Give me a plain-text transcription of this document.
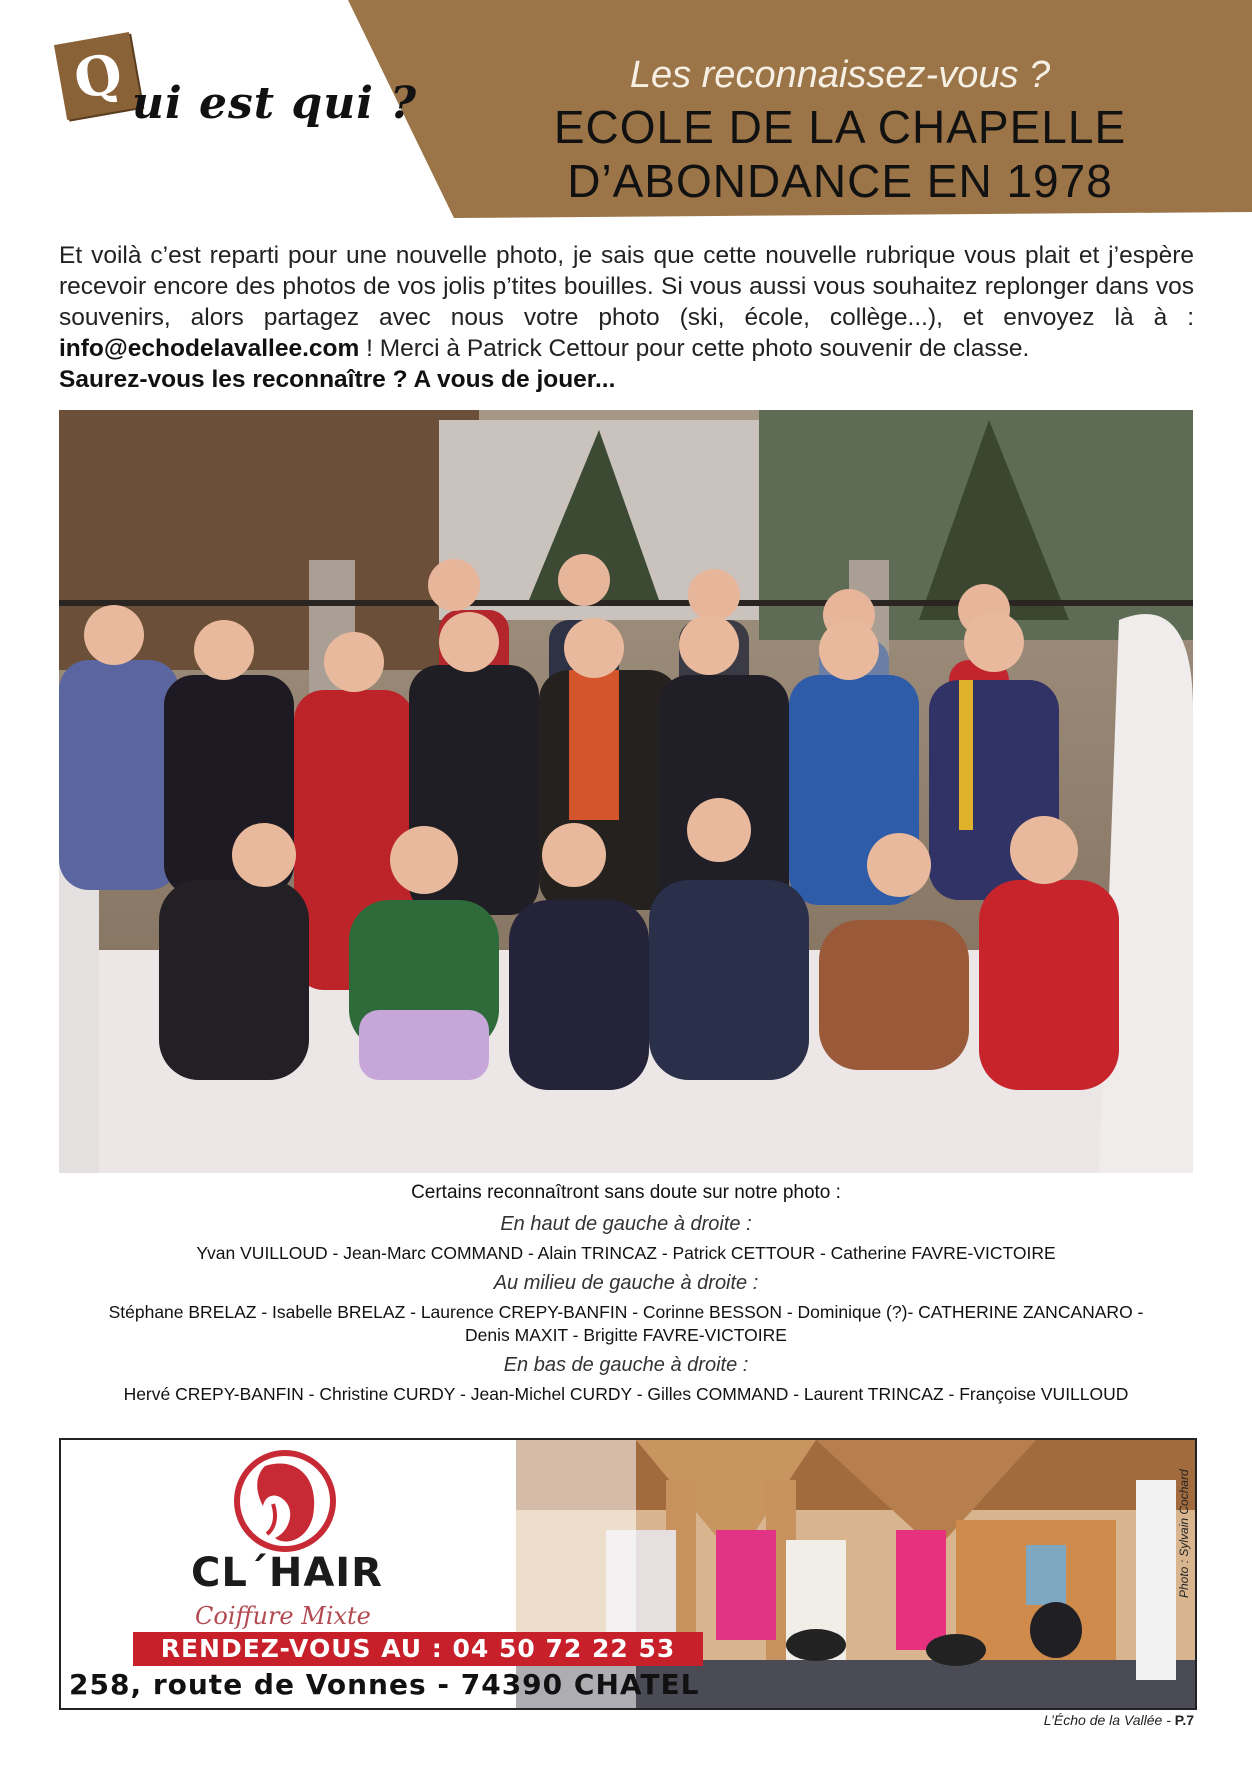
Q ui est qui ?
Les reconnaissez-vous ?
ECOLE DE LA CHAPELLE
D’ABONDANCE EN 1978
Et voilà c’est reparti pour une nouvelle photo, je sais que cette nouvelle rubrique vous plait et j’espère recevoir encore des photos de vos jolis p’tites bouilles. Si vous aussi vous souhaitez replonger dans vos souvenirs, alors partagez avec nous votre photo (ski, école, collège...), et envoyez là à : info@echodelavallee.com ! Merci à Patrick Cettour pour cette photo souvenir de classe.
Saurez-vous les reconnaître ? A vous de jouer...
Certains reconnaîtront sans doute sur notre photo :
En haut de gauche à droite :
Yvan VUILLOUD - Jean-Marc COMMAND - Alain TRINCAZ - Patrick CETTOUR - Catherine FAVRE-VICTOIRE
Au milieu de gauche à droite :
Stéphane BRELAZ - Isabelle BRELAZ - Laurence CREPY-BANFIN - Corinne BESSON - Dominique (?)- CATHERINE ZANCANARO -
Denis MAXIT - Brigitte FAVRE-VICTOIRE
En bas de gauche à droite :
Hervé CREPY-BANFIN - Christine CURDY - Jean-Michel CURDY - Gilles COMMAND - Laurent TRINCAZ - Françoise VUILLOUD
CL´HAIR
Coiffure Mixte
RENDEZ-VOUS AU : 04 50 72 22 53
258, route de Vonnes - 74390 CHATEL
Photo : Sylvain Cochard
L’Écho de la Vallée - P.7
